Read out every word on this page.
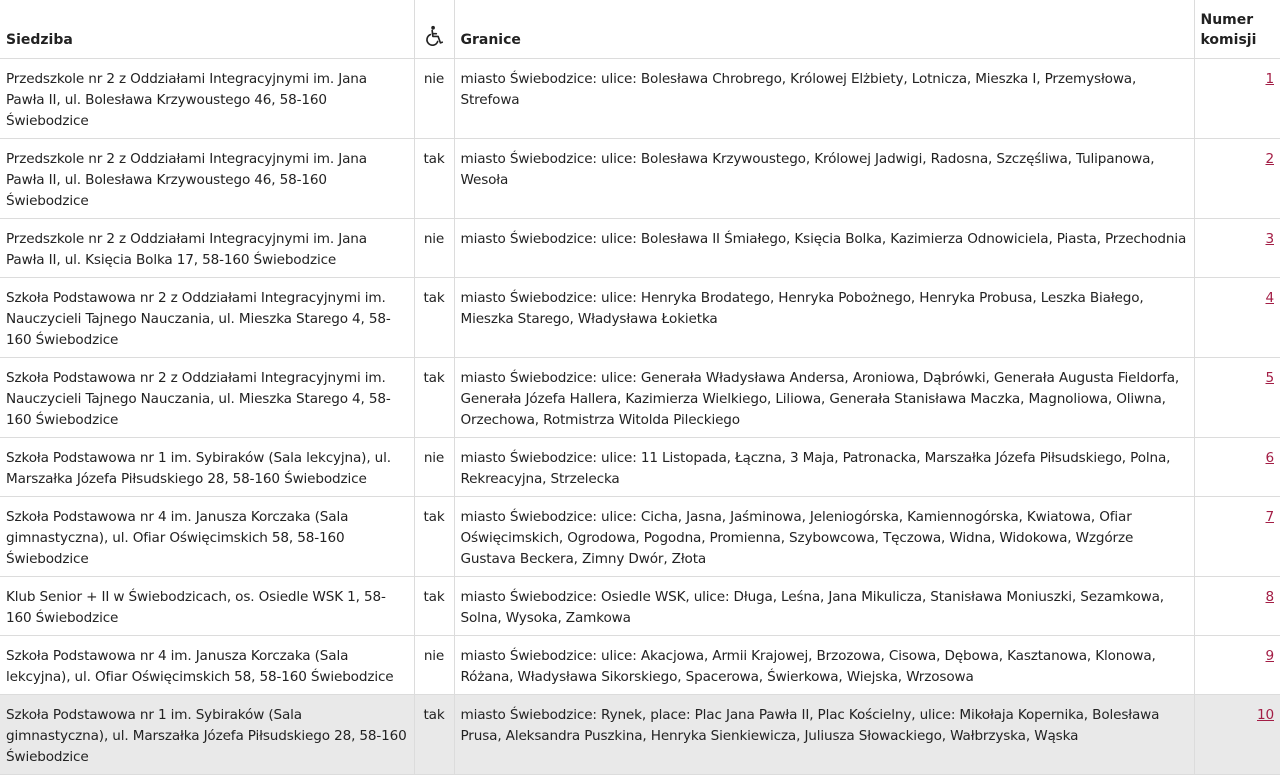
Siedziba		Granice	Numer komisji
Przedszkole nr 2 z Oddziałami Integracyjnymi im. Jana Pawła II, ul. Bolesława Krzywoustego 46, 58-160 Świebodzice	nie	miasto Świebodzice: ulice: Bolesława Chrobrego, Królowej Elżbiety, Lotnicza, Mieszka I, Przemysłowa, Strefowa	1
Przedszkole nr 2 z Oddziałami Integracyjnymi im. Jana Pawła II, ul. Bolesława Krzywoustego 46, 58-160 Świebodzice	tak	miasto Świebodzice: ulice: Bolesława Krzywoustego, Królowej Jadwigi, Radosna, Szczęśliwa, Tulipanowa, Wesoła	2
Przedszkole nr 2 z Oddziałami Integracyjnymi im. Jana Pawła II, ul. Księcia Bolka 17, 58-160 Świebodzice	nie	miasto Świebodzice: ulice: Bolesława II Śmiałego, Księcia Bolka, Kazimierza Odnowiciela, Piasta, Przechodnia	3
Szkoła Podstawowa nr 2 z Oddziałami Integracyjnymi im. Nauczycieli Tajnego Nauczania, ul. Mieszka Starego 4, 58-160 Świebodzice	tak	miasto Świebodzice: ulice: Henryka Brodatego, Henryka Pobożnego, Henryka Probusa, Leszka Białego, Mieszka Starego, Władysława Łokietka	4
Szkoła Podstawowa nr 2 z Oddziałami Integracyjnymi im. Nauczycieli Tajnego Nauczania, ul. Mieszka Starego 4, 58-160 Świebodzice	tak	miasto Świebodzice: ulice: Generała Władysława Andersa, Aroniowa, Dąbrówki, Generała Augusta Fieldorfa, Generała Józefa Hallera, Kazimierza Wielkiego, Liliowa, Generała Stanisława Maczka, Magnoliowa, Oliwna, Orzechowa, Rotmistrza Witolda Pileckiego	5
Szkoła Podstawowa nr 1 im. Sybiraków (Sala lekcyjna), ul. Marszałka Józefa Piłsudskiego 28, 58-160 Świebodzice	nie	miasto Świebodzice: ulice: 11 Listopada, Łączna, 3 Maja, Patronacka, Marszałka Józefa Piłsudskiego, Polna, Rekreacyjna, Strzelecka	6
Szkoła Podstawowa nr 4 im. Janusza Korczaka (Sala gimnastyczna), ul. Ofiar Oświęcimskich 58, 58-160 Świebodzice	tak	miasto Świebodzice: ulice: Cicha, Jasna, Jaśminowa, Jeleniogórska, Kamiennogórska, Kwiatowa, Ofiar Oświęcimskich, Ogrodowa, Pogodna, Promienna, Szybowcowa, Tęczowa, Widna, Widokowa, Wzgórze Gustava Beckera, Zimny Dwór, Złota	7
Klub Senior + II w Świebodzicach, os. Osiedle WSK 1, 58-160 Świebodzice	tak	miasto Świebodzice: Osiedle WSK, ulice: Długa, Leśna, Jana Mikulicza, Stanisława Moniuszki, Sezamkowa, Solna, Wysoka, Zamkowa	8
Szkoła Podstawowa nr 4 im. Janusza Korczaka (Sala lekcyjna), ul. Ofiar Oświęcimskich 58, 58-160 Świebodzice	nie	miasto Świebodzice: ulice: Akacjowa, Armii Krajowej, Brzozowa, Cisowa, Dębowa, Kasztanowa, Klonowa, Różana, Władysława Sikorskiego, Spacerowa, Świerkowa, Wiejska, Wrzosowa	9
Szkoła Podstawowa nr 1 im. Sybiraków (Sala gimnastyczna), ul. Marszałka Józefa Piłsudskiego 28, 58-160 Świebodzice	tak	miasto Świebodzice: Rynek, place: Plac Jana Pawła II, Plac Kościelny, ulice: Mikołaja Kopernika, Bolesława Prusa, Aleksandra Puszkina, Henryka Sienkiewicza, Juliusza Słowackiego, Wałbrzyska, Wąska	10
